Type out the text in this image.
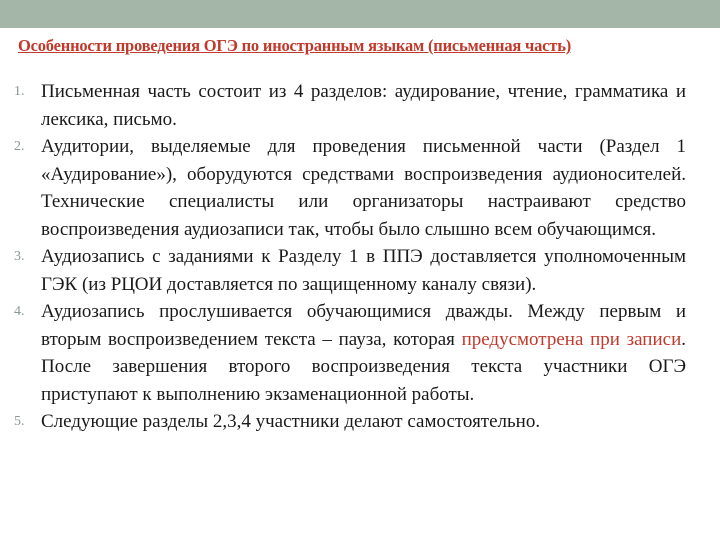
Особенности проведения ОГЭ по иностранным языкам (письменная часть)
1. Письменная часть состоит из 4 разделов: аудирование, чтение, грамматика и лексика, письмо.
2. Аудитории, выделяемые для проведения письменной части (Раздел 1 «Аудирование»), оборудуются средствами воспроизведения аудионосителей. Технические специалисты или организаторы настраивают средство воспроизведения аудиозаписи так, чтобы было слышно всем обучающимся.
3. Аудиозапись с заданиями к Разделу 1 в ППЭ доставляется уполномоченным ГЭК (из РЦОИ доставляется по защищенному каналу связи).
4. Аудиозапись прослушивается обучающимися дважды. Между первым и вторым воспроизведением текста – пауза, которая предусмотрена при записи. После завершения второго воспроизведения текста участники ОГЭ приступают к выполнению экзаменационной работы.
5. Следующие разделы 2,3,4 участники делают самостоятельно.
